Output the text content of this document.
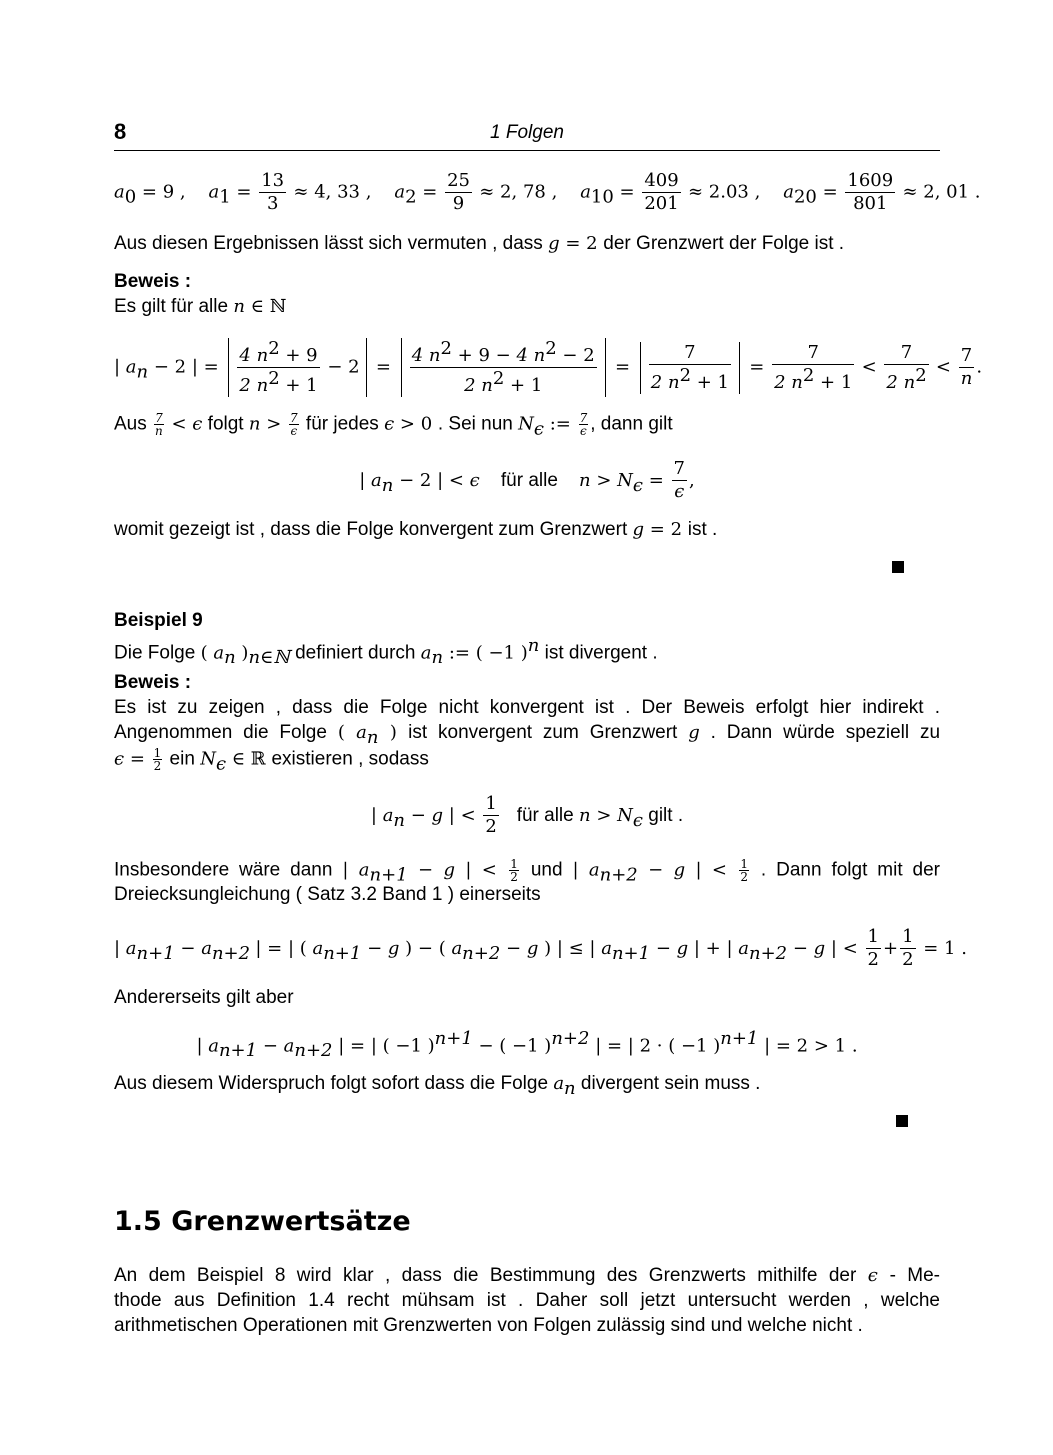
8	1 Folgen
$a_0 = 9$ ,    $a_1 = \frac{13}{3} \approx 4$, 33 ,    $a_2 = \frac{25}{9} \approx 2$, 78 ,    $a_{10} = \frac{409}{201} \approx 2.03$ ,    $a_{20} = \frac{1609}{801} \approx 2$, 01 .
Aus diesen Ergebnissen lässt sich vermuten , dass g = 2 der Grenzwert der Folge ist .
Beweis :
Es gilt für alle n ∈ ℕ
| $a_n - 2$ | = $\frac{4 n^2 + 9}{2 n^2 + 1} - 2 = \frac{4 n^2 + 9 - 4 n^2 - 2}{2 n^2 + 1} = \frac{7}{2 n^2 + 1} = \frac{7}{2 n^2 + 1} < \frac{7}{2 n^2} < \frac{7}{n}$ .
Aus $\frac{7}{n} < \epsilon$ folgt $n > \frac{7}{\epsilon}$ für jedes ϵ > 0 . Sei nun $N_\epsilon$ := $\frac{7}{\epsilon}$ , dann gilt
| $a_n - 2$ | < ϵ für alle $n > N_\epsilon = \frac{7}{\epsilon}$ ,
womit gezeigt ist , dass die Folge konvergent zum Grenzwert g = 2 ist .
Beispiel 9
Die Folge ( $a_n$ )$_{n\in ℕ}$ definiert durch $a_n$ := ( −1 )$^n$ ist divergent .
Beweis :
Es ist zu zeigen , dass die Folge nicht konvergent ist . Der Beweis erfolgt hier indirekt .
Angenommen die Folge ( $a_n$ ) ist konvergent zum Grenzwert g . Dann würde speziell zu
$\epsilon = \frac{1}{2}$ ein $N_\epsilon$ ∈ ℝ existieren , sodass
| $a_n - g$ | < $\frac{1}{2}$ für alle $n > N_\epsilon$ gilt .
Insbesondere wäre dann | $a_{n+1} - g$ | < $\frac{1}{2}$ und | $a_{n+2} - g$ | < $\frac{1}{2}$ . Dann folgt mit der
Dreiecksungleichung ( Satz 3.2 Band 1 ) einerseits
| $a_{n+1} - a_{n+2}$ | = | ( $a_{n+1} - g$ ) − ( $a_{n+2} - g$ ) | ≤ | $a_{n+1} - g$ | + | $a_{n+2} - g$ | < $\frac{1}{2} + \frac{1}{2} = 1$ .
Andererseits gilt aber
| $a_{n+1} - a_{n+2}$ | = | ( −1 )$^{n+1}$ − ( −1 )$^{n+2}$ | = | 2 · ( −1 )$^{n+1}$ | = 2 > 1 .
Aus diesem Widerspruch folgt sofort dass die Folge $a_n$ divergent sein muss .
1.5 Grenzwertsätze
An dem Beispiel 8 wird klar , dass die Bestimmung des Grenzwerts mithilfe der ϵ - Me-
thode aus Definition 1.4 recht mühsam ist . Daher soll jetzt untersucht werden , welche
arithmetischen Operationen mit Grenzwerten von Folgen zulässig sind und welche nicht .
